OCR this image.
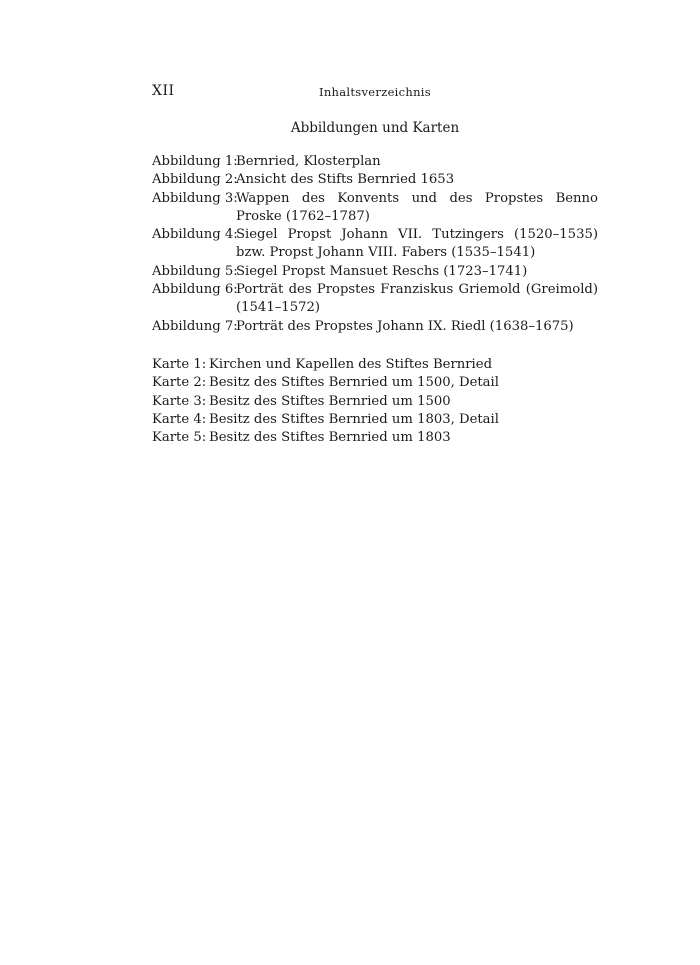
XII	Inhaltsverzeichnis
Abbildungen und Karten
Abbildung 1:
Bernried, Klosterplan
Abbildung 2:
Ansicht des Stifts Bernried 1653
Abbildung 3:
Wappen des Konvents und des Propstes Benno Proske (1762–1787)
Abbildung 4:
Siegel Propst Johann VII. Tutzingers (1520–1535) bzw. Propst Johann VIII. Fabers (1535–1541)
Abbildung 5:
Siegel Propst Mansuet Reschs (1723–1741)
Abbildung 6:
Porträt des Propstes Franziskus Griemold (Greimold) (1541–1572)
Abbildung 7:
Porträt des Propstes Johann IX. Riedl (1638–1675)
Karte 1: Kirchen und Kapellen des Stiftes Bernried
Karte 2: Besitz des Stiftes Bernried um 1500, Detail
Karte 3: Besitz des Stiftes Bernried um 1500
Karte 4: Besitz des Stiftes Bernried um 1803, Detail
Karte 5: Besitz des Stiftes Bernried um 1803
